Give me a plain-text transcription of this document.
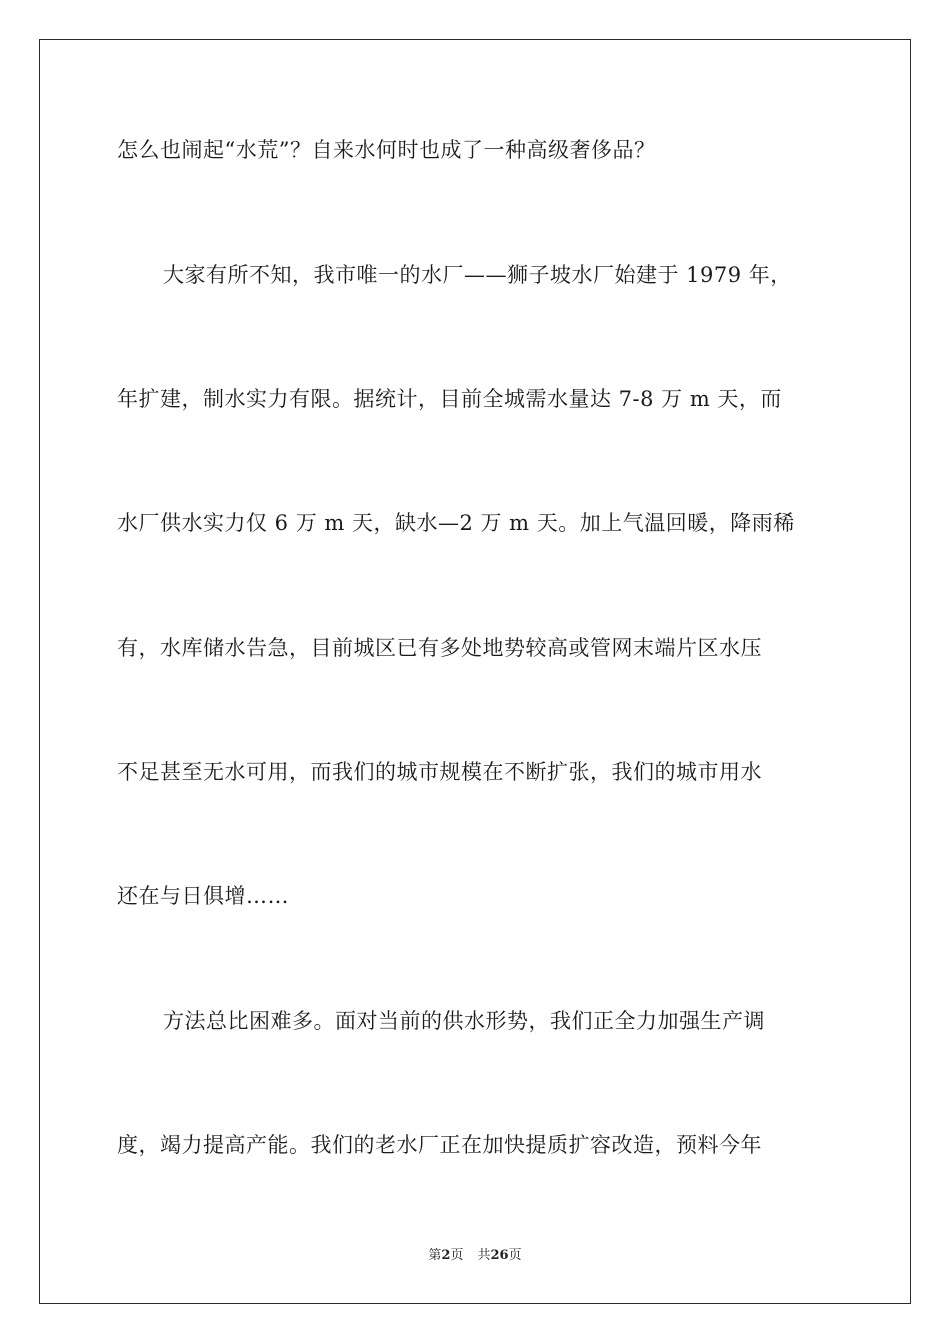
怎么也闹起“水荒”？自来水何时也成了一种高级奢侈品？
大家有所不知，我市唯一的水厂——狮子坡水厂始建于 1979 年，
年扩建，制水实力有限。据统计，目前全城需水量达 7-8 万 m 天，而
水厂供水实力仅 6 万 m 天，缺水—2 万 m 天。加上气温回暖，降雨稀
有，水库储水告急，目前城区已有多处地势较高或管网末端片区水压
不足甚至无水可用，而我们的城市规模在不断扩张，我们的城市用水
还在与日俱增……
方法总比困难多。面对当前的供水形势，我们正全力加强生产调
度，竭力提高产能。我们的老水厂正在加快提质扩容改造，预料今年
第2页 共26页
